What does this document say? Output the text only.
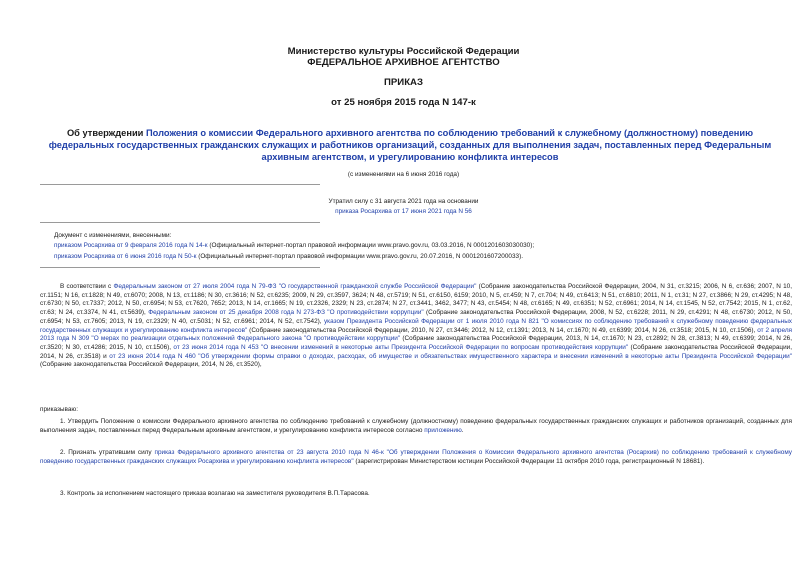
Министерство культуры Российской Федерации
ФЕДЕРАЛЬНОЕ АРХИВНОЕ АГЕНТСТВО
ПРИКАЗ
от 25 ноября 2015 года N 147-к
Об утверждении Положения о комиссии Федерального архивного агентства по соблюдению требований к служебному (должностному) поведению федеральных государственных гражданских служащих и работников организаций, созданных для выполнения задач, поставленных перед Федеральным архивным агентством, и урегулированию конфликта интересов
(с изменениями на 6 июня 2016 года)
Утратил силу с 31 августа 2021 года на основании
приказа Росархива от 17 июня 2021 года N 56
Документ с изменениями, внесенными:
приказом Росархива от 9 февраля 2016 года N 14-к (Официальный интернет-портал правовой информации www.pravo.gov.ru, 03.03.2016, N 0001201603030030);
приказом Росархива от 6 июня 2016 года N 50-к (Официальный интернет-портал правовой информации www.pravo.gov.ru, 20.07.2016, N 0001201607200033).
В соответствии с Федеральным законом от 27 июля 2004 года N 79-ФЗ "О государственной гражданской службе Российской Федерации" (Собрание законодательства Российской Федерации, 2004, N 31, ст.3215; 2006, N 6, ст.636; 2007, N 10, ст.1151; N 16, ст.1828; N 49, ст.6070; 2008, N 13, ст.1186; N 30, ст.3616; N 52, ст.6235; 2009, N 29, ст.3597, 3624; N 48, ст.5719; N 51, ст.6150, 6159; 2010, N 5, ст.459; N 7, ст.704; N 49, ст.6413; N 51, ст.6810; 2011, N 1, ст.31; N 27, ст.3866; N 29, ст.4295; N 48, ст.6730; N 50, ст.7337; 2012, N 50, ст.6954; N 53, ст.7620, 7652; 2013, N 14, ст.1665; N 19, ст.2326, 2329; N 23, ст.2874; N 27, ст.3441, 3462, 3477; N 43, ст.5454; N 48, ст.6165; N 49, ст.6351; N 52, ст.6961; 2014, N 14, ст.1545, N 52, ст.7542; 2015, N 1, ст.62, ст.63; N 24, ст.3374, N 41, ст.5639), Федеральным законом от 25 декабря 2008 года N 273-ФЗ "О противодействии коррупции" (Собрание законодательства Российской Федерации, 2008, N 52, ст.6228; 2011, N 29, ст.4291; N 48, ст.6730; 2012, N 50, ст.6954; N 53, ст.7605; 2013, N 19, ст.2329; N 40, ст.5031; N 52, ст.6961; 2014, N 52, ст.7542), указом Президента Российской Федерации от 1 июля 2010 года N 821 "О комиссиях по соблюдению требований к служебному поведению федеральных государственных служащих и урегулированию конфликта интересов" (Собрание законодательства Российской Федерации, 2010, N 27, ст.3446; 2012, N 12, ст.1391; 2013, N 14, ст.1670; N 49, ст.6399; 2014, N 26, ст.3518; 2015, N 10, ст.1506), от 2 апреля 2013 года N 309 "О мерах по реализации отдельных положений Федерального закона "О противодействии коррупции" (Собрание законодательства Российской Федерации, 2013, N 14, ст.1670; N 23, ст.2892; N 28, ст.3813; N 49, ст.6399; 2014, N 26, ст.3520; N 30, ст.4286; 2015, N 10, ст.1506), от 23 июня 2014 года N 453 "О внесении изменений в некоторые акты Президента Российской Федерации по вопросам противодействия коррупции" (Собрание законодательства Российской Федерации, 2014, N 26, ст.3518) и от 23 июня 2014 года N 460 "Об утверждении формы справки о доходах, расходах, об имуществе и обязательствах имущественного характера и внесении изменений в некоторые акты Президента Российской Федерации" (Собрание законодательства Российской Федерации, 2014, N 26, ст.3520),
приказываю:
1. Утвердить Положение о комиссии Федерального архивного агентства по соблюдению требований к служебному (должностному) поведению федеральных государственных гражданских служащих и работников организаций, созданных для выполнения задач, поставленных перед Федеральным архивным агентством, и урегулированию конфликта интересов согласно приложению.
2. Признать утратившим силу приказ Федерального архивного агентства от 23 августа 2010 года N 46-к "Об утверждении Положения о Комиссии Федерального архивного агентства (Росархив) по соблюдению требований к служебному поведению государственных гражданских служащих Росархива и урегулированию конфликта интересов" (зарегистрирован Министерством юстиции Российской Федерации 11 октября 2010 года, регистрационный N 18681).
3. Контроль за исполнением настоящего приказа возлагаю на заместителя руководителя В.П.Тарасова.
